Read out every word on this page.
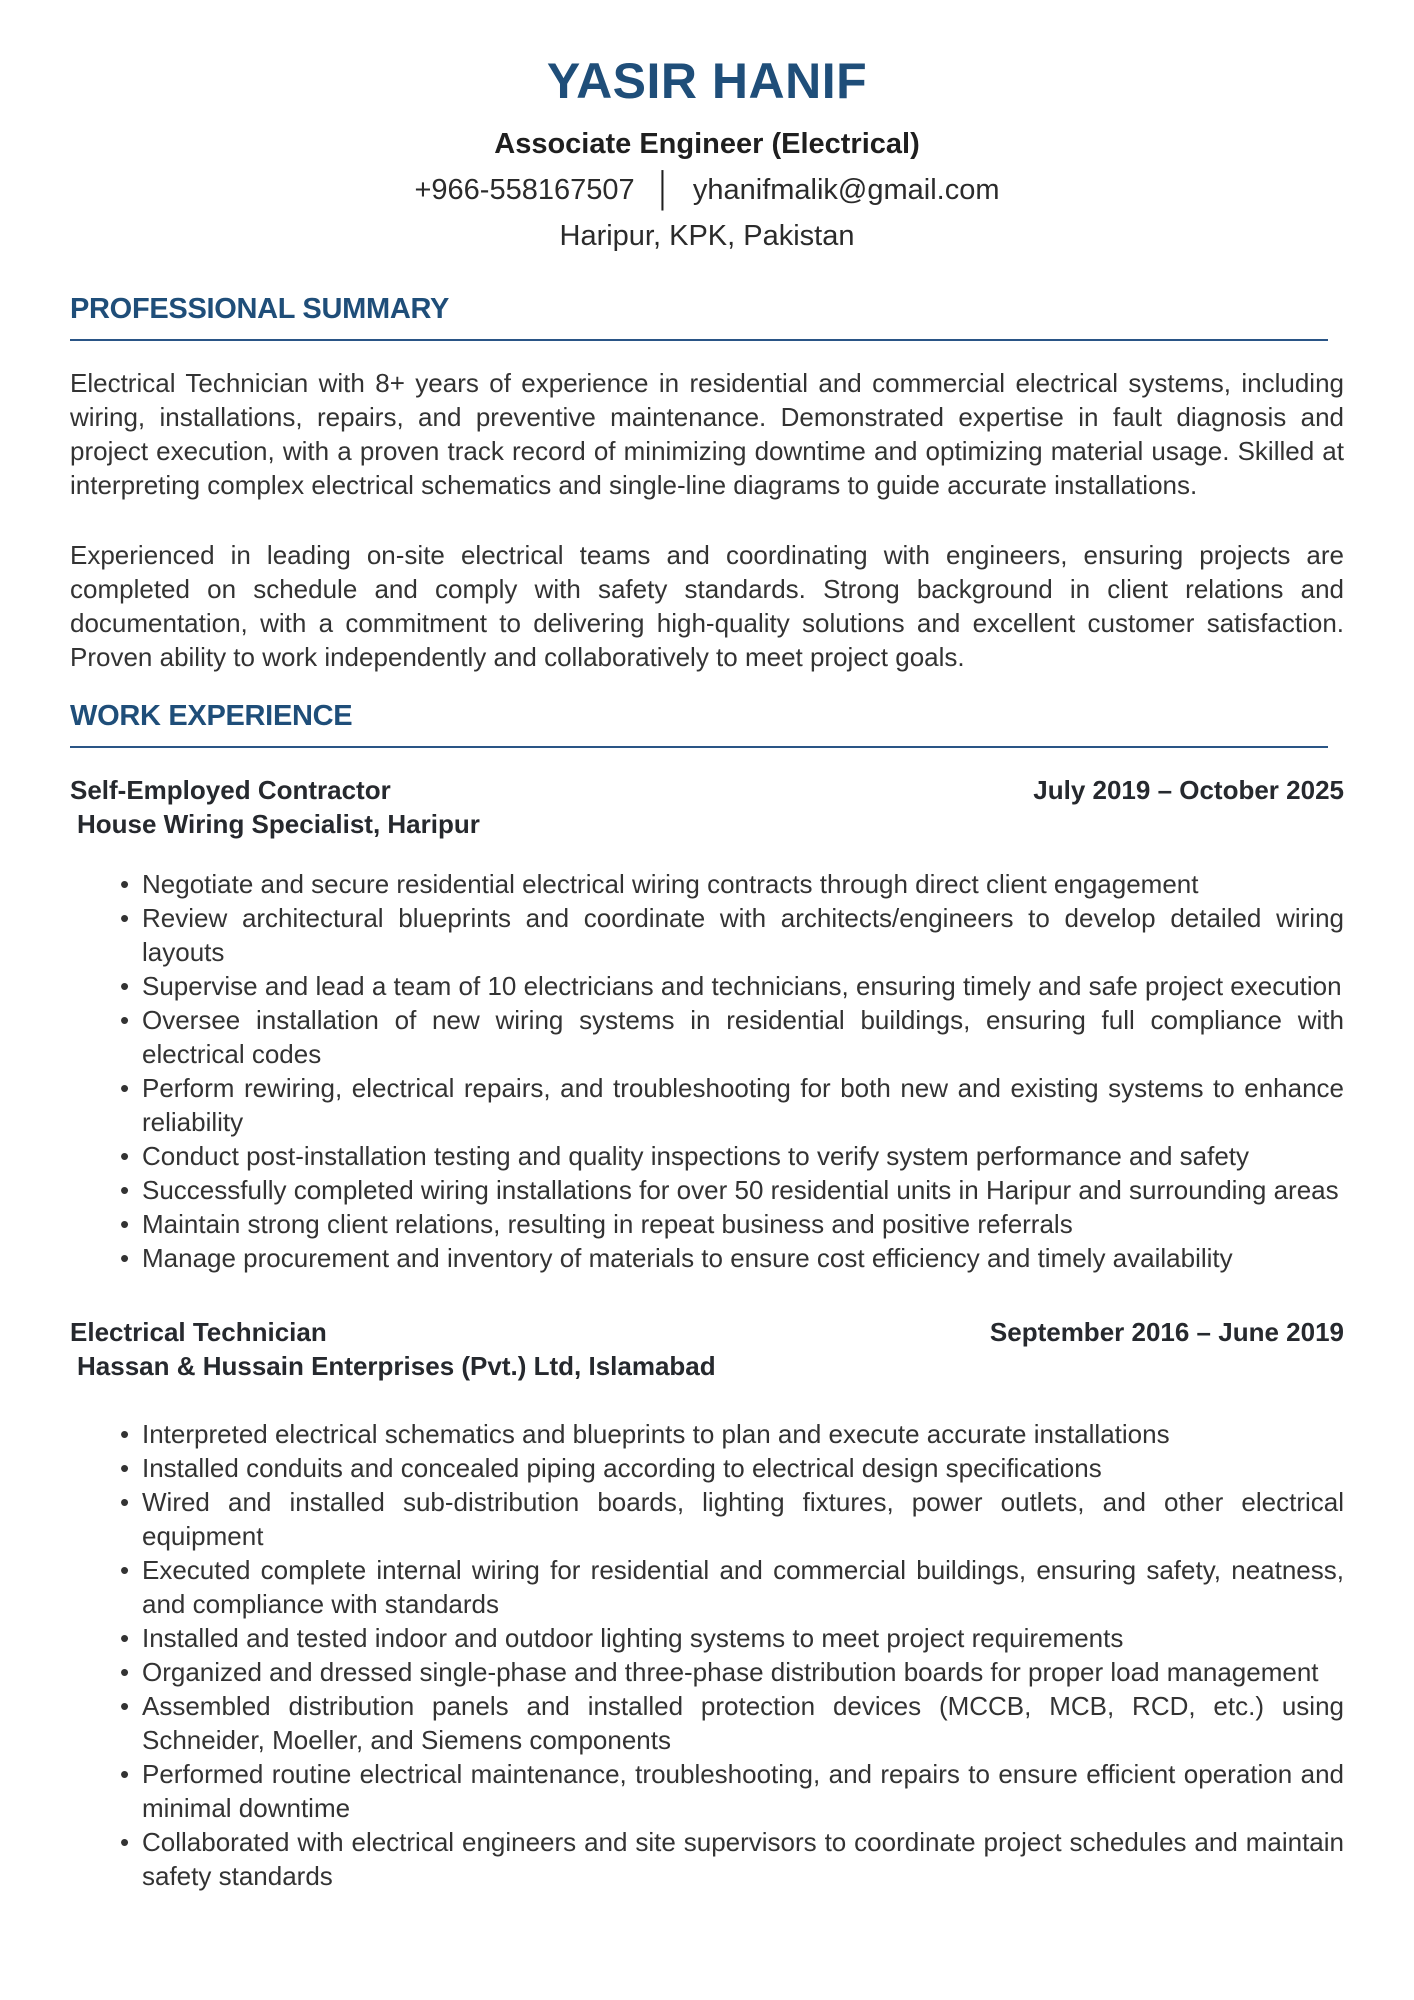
YASIR HANIF
Associate Engineer (Electrical)
+966-558167507 │ yhanifmalik@gmail.com
Haripur, KPK, Pakistan
PROFESSIONAL SUMMARY

Electrical Technician with 8+ years of experience in residential and commercial electrical systems, including wiring, installations, repairs, and preventive maintenance. Demonstrated expertise in fault diagnosis and project execution, with a proven track record of minimizing downtime and optimizing material usage. Skilled at interpreting complex electrical schematics and single-line diagrams to guide accurate installations.

Experienced in leading on-site electrical teams and coordinating with engineers, ensuring projects are completed on schedule and comply with safety standards. Strong background in client relations and documentation, with a commitment to delivering high-quality solutions and excellent customer satisfaction. Proven ability to work independently and collaboratively to meet project goals.

WORK EXPERIENCE
Self-Employed Contractor	July 2019 – October 2025
House Wiring Specialist, Haripur
• Negotiate and secure residential electrical wiring contracts through direct client engagement
• Review architectural blueprints and coordinate with architects/engineers to develop detailed wiring layouts
• Supervise and lead a team of 10 electricians and technicians, ensuring timely and safe project execution
• Oversee installation of new wiring systems in residential buildings, ensuring full compliance with electrical codes
• Perform rewiring, electrical repairs, and troubleshooting for both new and existing systems to enhance reliability
• Conduct post-installation testing and quality inspections to verify system performance and safety
• Successfully completed wiring installations for over 50 residential units in Haripur and surrounding areas
• Maintain strong client relations, resulting in repeat business and positive referrals
• Manage procurement and inventory of materials to ensure cost efficiency and timely availability
Electrical Technician	September 2016 – June 2019
Hassan & Hussain Enterprises (Pvt.) Ltd, Islamabad
• Interpreted electrical schematics and blueprints to plan and execute accurate installations
• Installed conduits and concealed piping according to electrical design specifications
• Wired and installed sub-distribution boards, lighting fixtures, power outlets, and other electrical equipment
• Executed complete internal wiring for residential and commercial buildings, ensuring safety, neatness, and compliance with standards
• Installed and tested indoor and outdoor lighting systems to meet project requirements
• Organized and dressed single-phase and three-phase distribution boards for proper load management
• Assembled distribution panels and installed protection devices (MCCB, MCB, RCD, etc.) using Schneider, Moeller, and Siemens components
• Performed routine electrical maintenance, troubleshooting, and repairs to ensure efficient operation and minimal downtime
• Collaborated with electrical engineers and site supervisors to coordinate project schedules and maintain safety standards
